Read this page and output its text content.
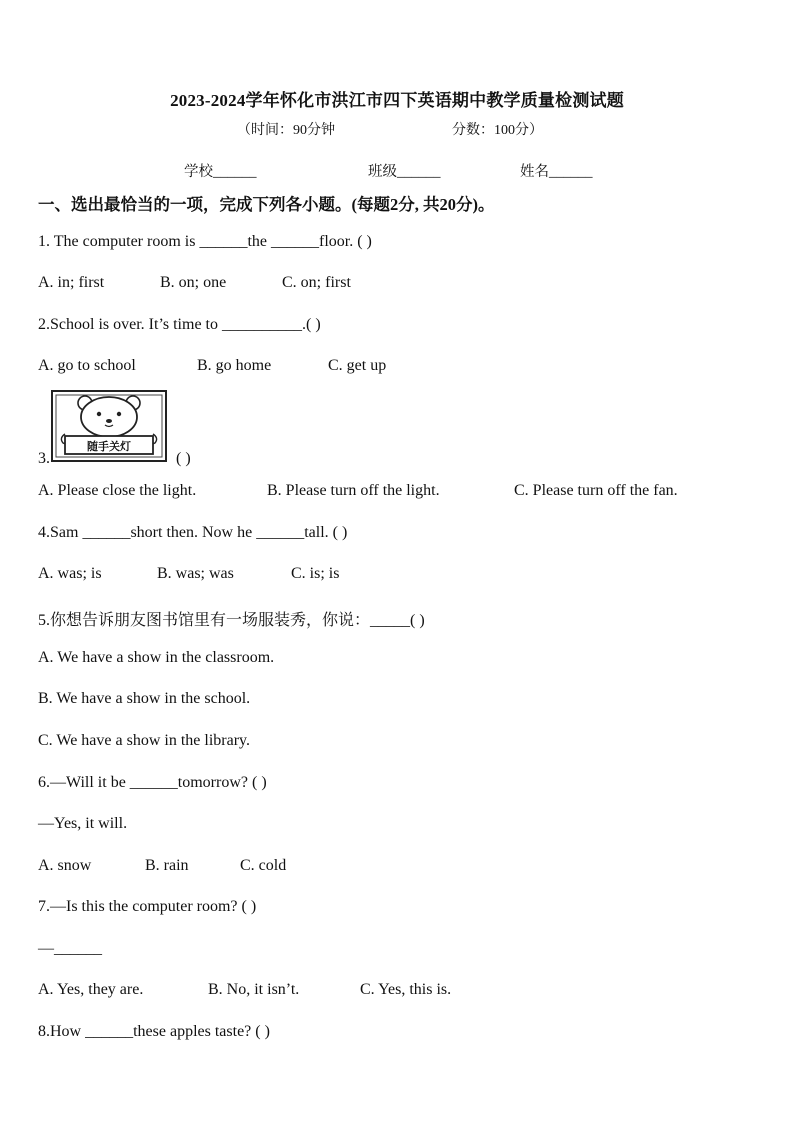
2023-2024学年怀化市洪江市四下英语期中教学质量检测试题
（时间：90分钟	分数：100分）
学校______	班级______	姓名______
一、选出最恰当的一项，完成下列各小题。(每题2分, 共20分)。
1. The computer room is ______the ______floor. ( )
A. in; first	B. on; one	C. on; first
2.School is over. It’s time to __________.( )
A. go to school	B. go home	C. get up
3.
随手关灯
( )
A. Please close the light.	B. Please turn off the light.	C. Please turn off the fan.
4.Sam ______short then. Now he ______tall. ( )
A. was; is	B. was; was	C. is; is
5.你想告诉朋友图书馆里有一场服装秀，你说：_____( )
A. We have a show in the classroom.
B. We have a show in the school.
C. We have a show in the library.
6.—Will it be ______tomorrow? ( )
—Yes, it will.
A. snow	B. rain	C. cold
7.—Is this the computer room? ( )
—______
A. Yes, they are.	B. No, it isn’t.	C. Yes, this is.
8.How ______these apples taste? ( )
